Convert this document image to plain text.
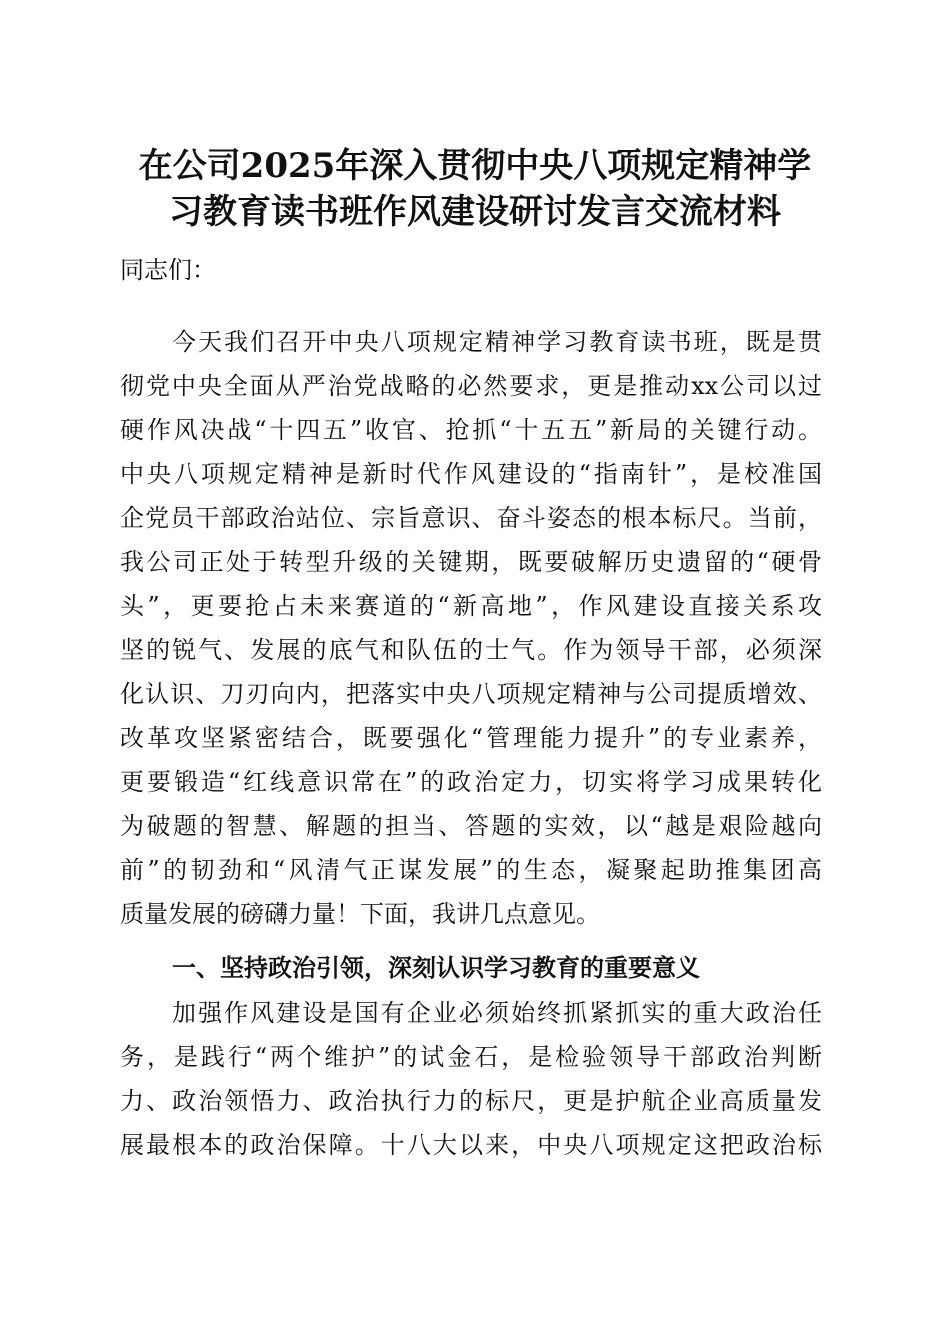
在公司2025年深入贯彻中央八项规定精神学
习教育读书班作风建设研讨发言交流材料
同志们：
今天我们召开中央八项规定精神学习教育读书班，既是贯
彻党中央全面从严治党战略的必然要求，更是推动xx公司以过
硬作风决战“十四五”收官、抢抓“十五五”新局的关键行动。
中央八项规定精神是新时代作风建设的“指南针”，是校准国
企党员干部政治站位、宗旨意识、奋斗姿态的根本标尺。当前，
我公司正处于转型升级的关键期，既要破解历史遗留的“硬骨
头”，更要抢占未来赛道的“新高地”，作风建设直接关系攻
坚的锐气、发展的底气和队伍的士气。作为领导干部，必须深
化认识、刀刃向内，把落实中央八项规定精神与公司提质增效、
改革攻坚紧密结合，既要强化“管理能力提升”的专业素养，
更要锻造“红线意识常在”的政治定力，切实将学习成果转化
为破题的智慧、解题的担当、答题的实效，以“越是艰险越向
前”的韧劲和“风清气正谋发展”的生态，凝聚起助推集团高
质量发展的磅礴力量！下面，我讲几点意见。
一、坚持政治引领，深刻认识学习教育的重要意义
加强作风建设是国有企业必须始终抓紧抓实的重大政治任
务，是践行“两个维护”的试金石，是检验领导干部政治判断
力、政治领悟力、政治执行力的标尺，更是护航企业高质量发
展最根本的政治保障。十八大以来，中央八项规定这把政治标
